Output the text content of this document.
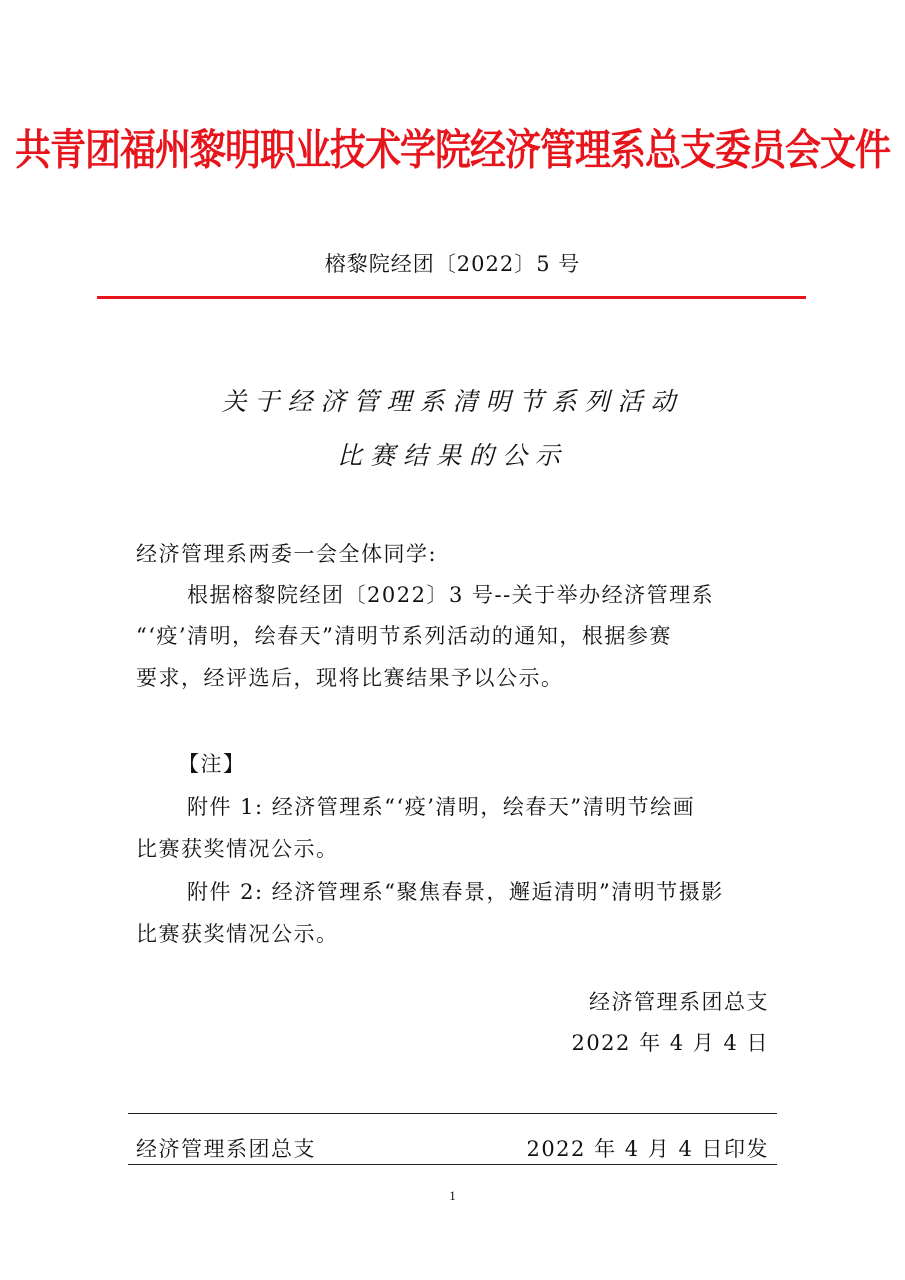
共青团福州黎明职业技术学院经济管理系总支委员会文件
榕黎院经团〔2022〕5 号
关于经济管理系清明节系列活动
比赛结果的公示
经济管理系两委一会全体同学:
根据榕黎院经团〔2022〕3 号--关于举办经济管理系
“‘疫’清明，绘春天”清明节系列活动的通知，根据参赛
要求，经评选后，现将比赛结果予以公示。
【注】
附件 1: 经济管理系“‘疫’清明，绘春天”清明节绘画
比赛获奖情况公示。
附件 2: 经济管理系“聚焦春景，邂逅清明”清明节摄影
比赛获奖情况公示。
经济管理系团总支
2022 年 4 月 4 日
经济管理系团总支	2022 年 4 月 4 日印发
1
